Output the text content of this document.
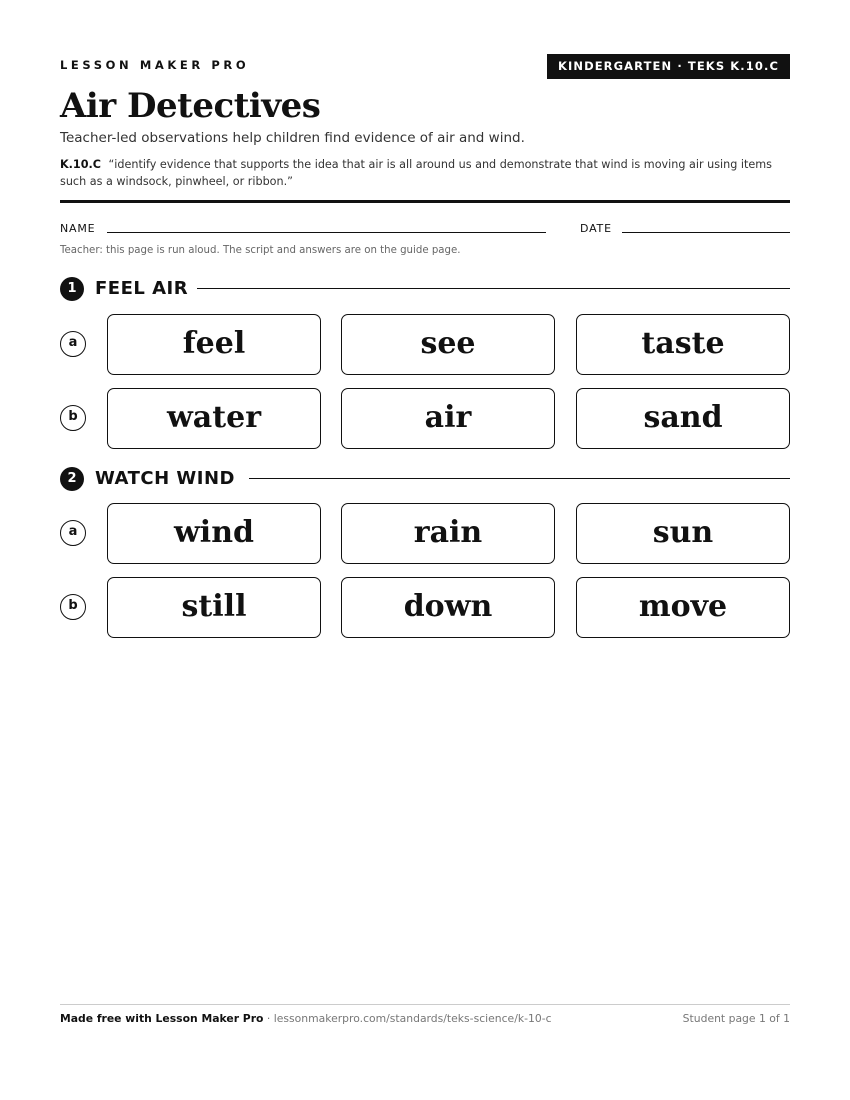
LESSON MAKER PRO	KINDERGARTEN · TEKS K.10.C
Air Detectives
Teacher-led observations help children find evidence of air and wind.
K.10.C “identify evidence that supports the idea that air is all around us and demonstrate that wind is moving air using items such as a windsock, pinwheel, or ribbon.”
NAME	DATE
Teacher: this page is run aloud. The script and answers are on the guide page.
1	FEEL AIR
a	feel	see	taste
b	water	air	sand
2	WATCH WIND
a	wind	rain	sun
b	still	down	move
Made free with Lesson Maker Pro · lessonmakerpro.com/standards/teks-science/k-10-c	Student page 1 of 1
